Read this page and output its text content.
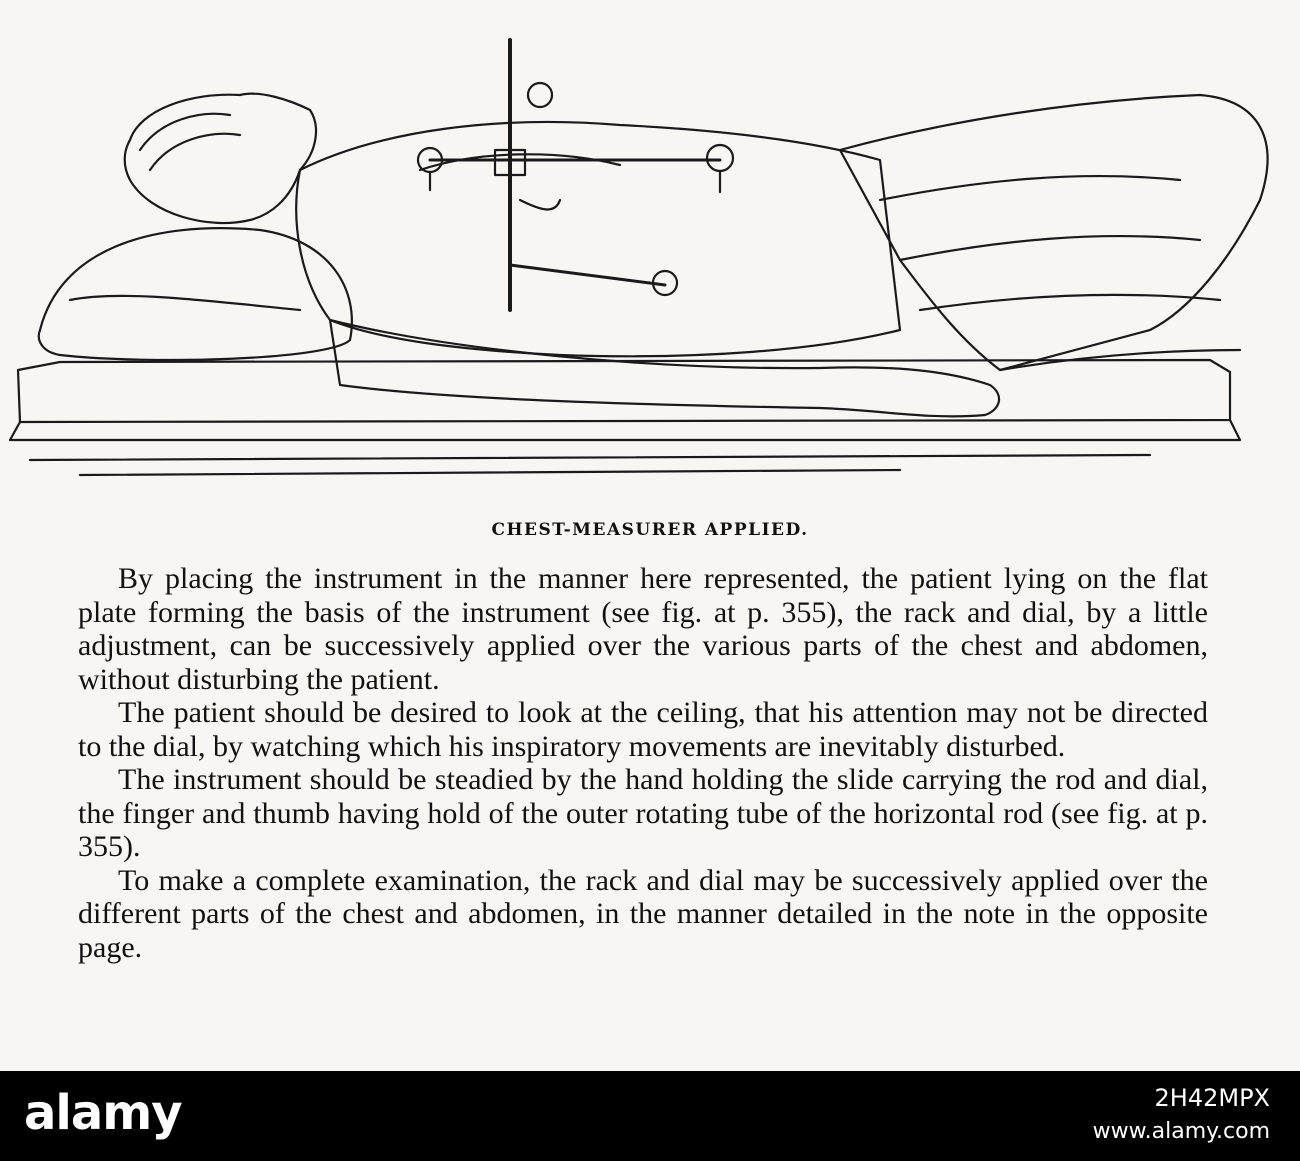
CHEST-MEASURER APPLIED.

By placing the instrument in the manner here represented, the patient lying on the flat plate forming the basis of the instrument (see fig. at p. 355), the rack and dial, by a little adjustment, can be successively applied over the various parts of the chest and abdomen, without disturbing the patient.

The patient should be desired to look at the ceiling, that his attention may not be directed to the dial, by watching which his inspiratory movements are inevitably disturbed.

The instrument should be steadied by the hand holding the slide carrying the rod and dial, the finger and thumb having hold of the outer rotating tube of the horizontal rod (see fig. at p. 355).

To make a complete examination, the rack and dial may be successively applied over the different parts of the chest and abdomen, in the manner detailed in the note in the opposite page.

alamy	2H42MPX
www.alamy.com
